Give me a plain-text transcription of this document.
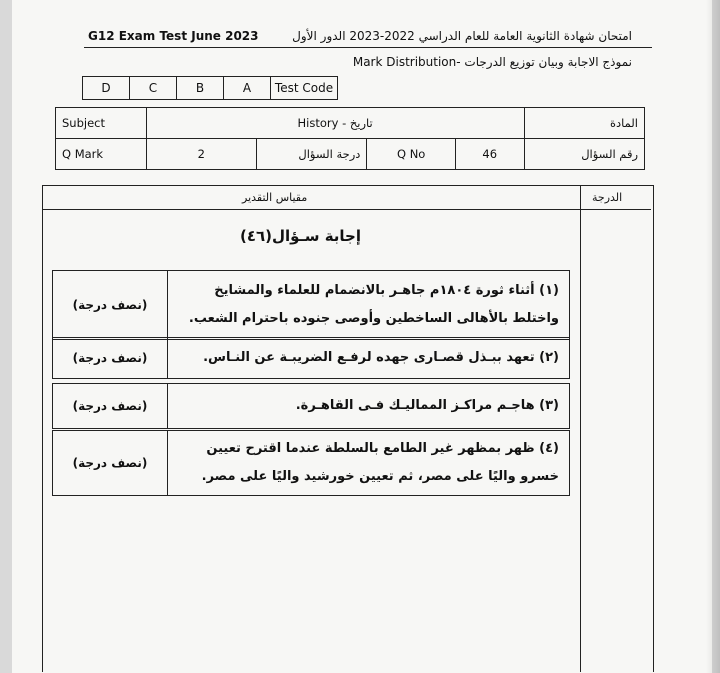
G12 Exam Test June 2023	امتحان شهادة الثانوية العامة للعام الدراسي 2022-2023 الدور الأول
نموذج الاجابة وبيان توزيع الدرجات -Mark Distribution
D	C	B	A	Test Code
Subject	History - تاريخ				المادة
Q Mark	2	درجة السؤال	Q No	46	رقم السؤال
مقياس التقدير	الدرجة
إجابة سـؤال(٤٦)
(نصف درجة)	(١) أثناء ثورة ١٨٠٤م جاهـر بالانضمام للعلماء والمشايخ واختلط بالأهالى الساخطين وأوصى جنوده باحترام الشعب.
(نصف درجة)	(٢) تعهد ببـذل قصـارى جهده لرفـع الضريبـة عن النـاس.
(نصف درجة)	(٣) هاجـم مراكـز المماليـك فـى القاهـرة.
(نصف درجة)	(٤) ظهر بمظهر غير الطامع بالسلطة عندما اقترح تعيين خسرو واليًا على مصر، ثم تعيين خورشيد واليًا على مصر.
